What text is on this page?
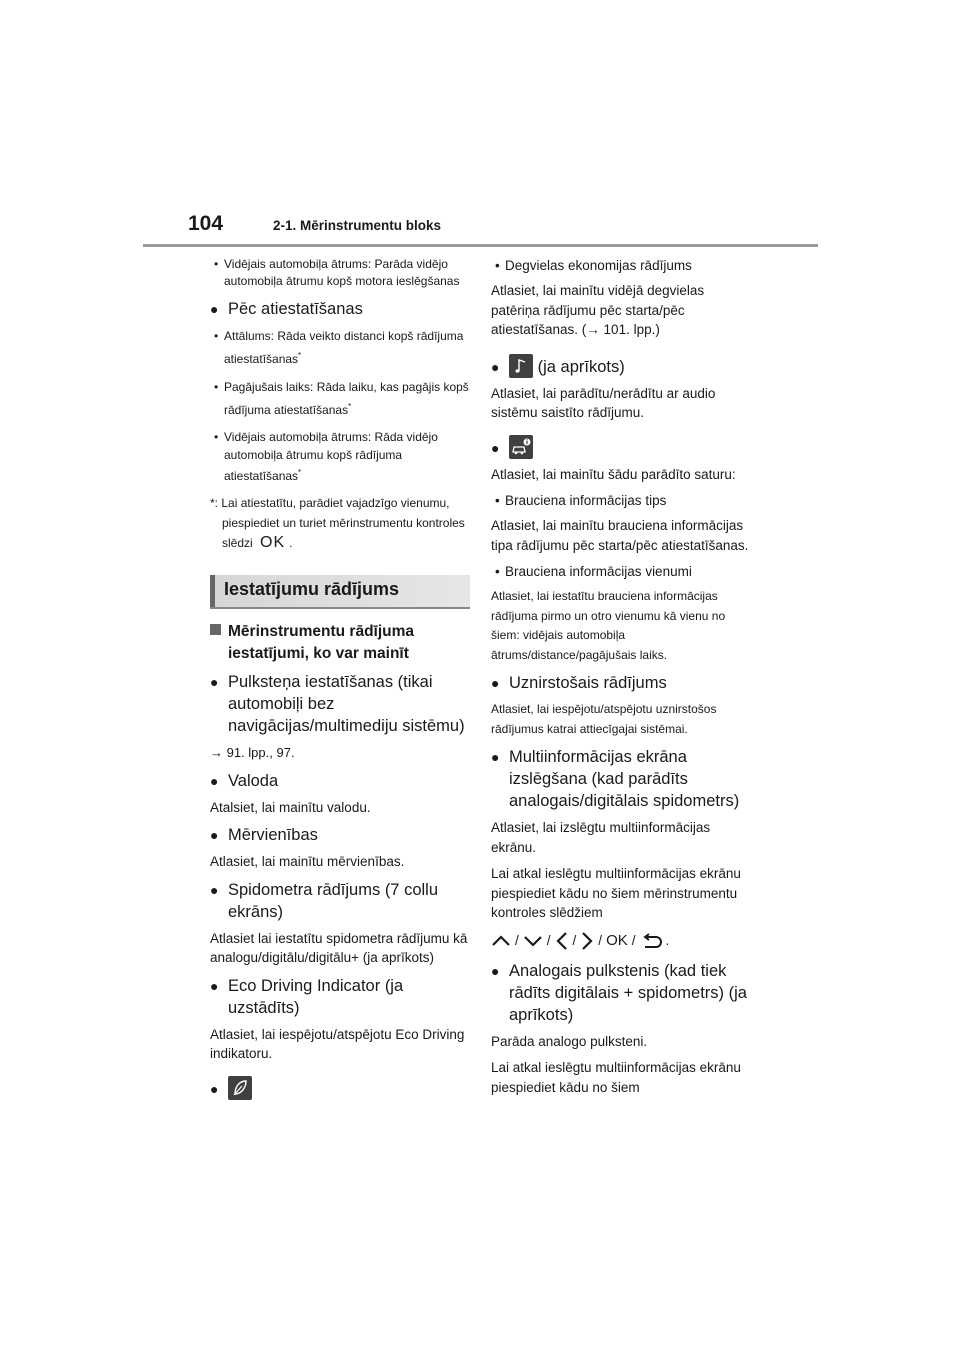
104	2-1. Mērinstrumentu bloks

• Vidējais automobiļa ātrums: Parāda vidējo automobiļa ātrumu kopš motora ieslēgšanas

● Pēc atiestatīšanas

• Attālums: Rāda veikto distanci kopš rādījuma atiestatīšanas*

• Pagājušais laiks: Rāda laiku, kas pagājis kopš rādījuma atiestatīšanas*

• Vidējais automobiļa ātrums: Rāda vidējo automobiļa ātrumu kopš rādījuma atiestatīšanas*

*: Lai atiestatītu, parādiet vajadzīgo vienumu, piespiediet un turiet mērinstrumentu kontroles slēdzi OK .

Iestatījumu rādījums

Mērinstrumentu rādījuma iestatījumi, ko var mainīt

● Pulksteņa iestatīšanas (tikai automobiļi bez navigācijas/multimediju sistēmu)

→ 91. lpp., 97.

● Valoda

Atalsiet, lai mainītu valodu.

● Mērvienības

Atlasiet, lai mainītu mērvienības.

● Spidometra rādījums (7 collu ekrāns)

Atlasiet lai iestatītu spidometra rādījumu kā analogu/digitālu/digitālu+ (ja aprīkots)

● Eco Driving Indicator (ja uzstādīts)

Atlasiet, lai iespējotu/atspējotu Eco Driving indikatoru.

●

• Degvielas ekonomijas rādījums

Atlasiet, lai mainītu vidējā degvielas patēriņa rādījumu pēc starta/pēc atiestatīšanas. (→ 101. lpp.)

● (ja aprīkots)

Atlasiet, lai parādītu/nerādītu ar audio sistēmu saistīto rādījumu.

●

Atlasiet, lai mainītu šādu parādīto saturu:

• Brauciena informācijas tips

Atlasiet, lai mainītu brauciena informācijas tipa rādījumu pēc starta/pēc atiestatīšanas.

• Brauciena informācijas vienumi

Atlasiet, lai iestatītu brauciena informācijas rādījuma pirmo un otro vienumu kā vienu no šiem: vidējais automobiļa ātrums/distance/pagājušais laiks.

● Uznirstošais rādījums

Atlasiet, lai iespējotu/atspējotu uznirstošos rādījumus katrai attiecīgajai sistēmai.

● Multiinformācijas ekrāna izslēgšana (kad parādīts analogais/digitālais spidometrs)

Atlasiet, lai izslēgtu multiinformācijas ekrānu.

Lai atkal ieslēgtu multiinformācijas ekrānu piespiediet kādu no šiem mērinstrumentu kontroles slēdžiem

/ / / / OK / .

● Analogais pulkstenis (kad tiek rādīts digitālais + spidometrs) (ja aprīkots)

Parāda analogo pulksteni.

Lai atkal ieslēgtu multiinformācijas ekrānu piespiediet kādu no šiem
